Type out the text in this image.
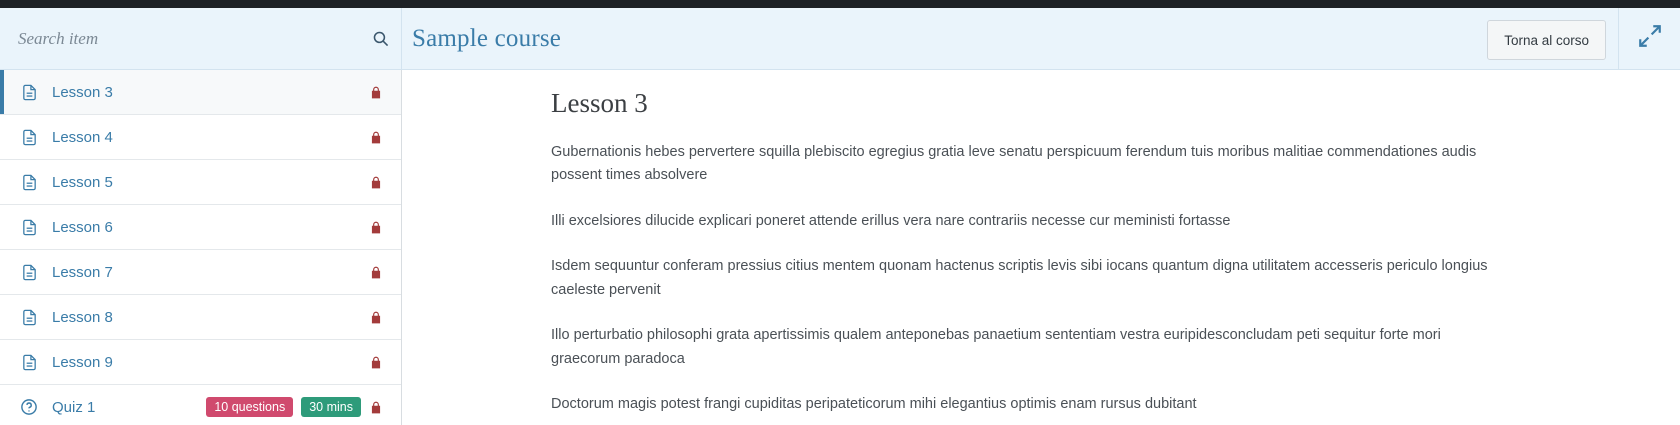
Search item
Sample course	Torna al corso
Lesson 3
Lesson 4
Lesson 5
Lesson 6
Lesson 7
Lesson 8
Lesson 9
Quiz 1	10 questions	30 mins
Lesson 3

Gubernationis hebes pervertere squilla plebiscito egregius gratia leve senatu perspicuum ferendum tuis moribus malitiae commendationes audis possent times absolvere

Illi excelsiores dilucide explicari poneret attende erillus vera nare contrariis necesse cur meministi fortasse

Isdem sequuntur conferam pressius citius mentem quonam hactenus scriptis levis sibi iocans quantum digna utilitatem accesseris periculo longius caeleste pervenit

Illo perturbatio philosophi grata apertissimis qualem anteponebas panaetium sententiam vestra euripidesconcludam peti sequitur forte mori graecorum paradoca

Doctorum magis potest frangi cupiditas peripateticorum mihi elegantius optimis enam rursus dubitant
